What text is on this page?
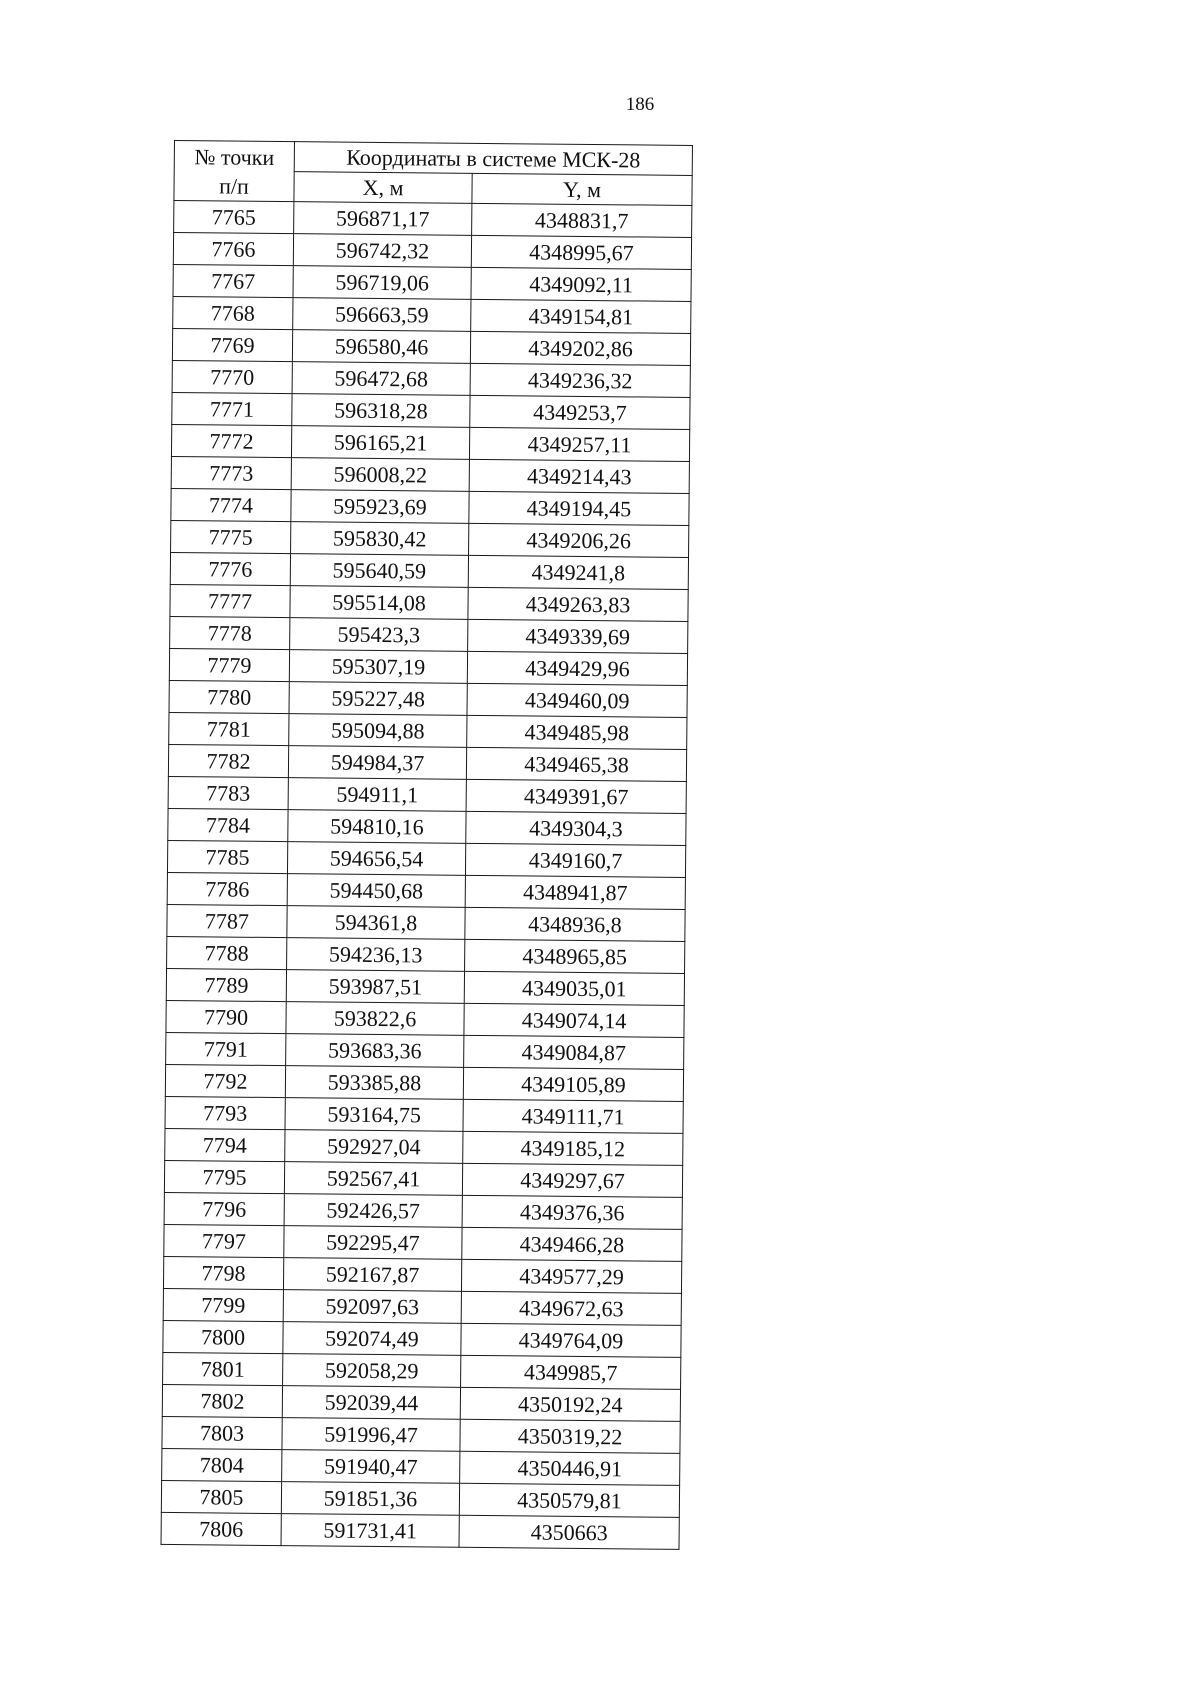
186
№ точки
п/п	Координаты в системе МСК-28	
	X, м	Y, м
7765	596871,17	4348831,7
7766	596742,32	4348995,67
7767	596719,06	4349092,11
7768	596663,59	4349154,81
7769	596580,46	4349202,86
7770	596472,68	4349236,32
7771	596318,28	4349253,7
7772	596165,21	4349257,11
7773	596008,22	4349214,43
7774	595923,69	4349194,45
7775	595830,42	4349206,26
7776	595640,59	4349241,8
7777	595514,08	4349263,83
7778	595423,3	4349339,69
7779	595307,19	4349429,96
7780	595227,48	4349460,09
7781	595094,88	4349485,98
7782	594984,37	4349465,38
7783	594911,1	4349391,67
7784	594810,16	4349304,3
7785	594656,54	4349160,7
7786	594450,68	4348941,87
7787	594361,8	4348936,8
7788	594236,13	4348965,85
7789	593987,51	4349035,01
7790	593822,6	4349074,14
7791	593683,36	4349084,87
7792	593385,88	4349105,89
7793	593164,75	4349111,71
7794	592927,04	4349185,12
7795	592567,41	4349297,67
7796	592426,57	4349376,36
7797	592295,47	4349466,28
7798	592167,87	4349577,29
7799	592097,63	4349672,63
7800	592074,49	4349764,09
7801	592058,29	4349985,7
7802	592039,44	4350192,24
7803	591996,47	4350319,22
7804	591940,47	4350446,91
7805	591851,36	4350579,81
7806	591731,41	4350663
